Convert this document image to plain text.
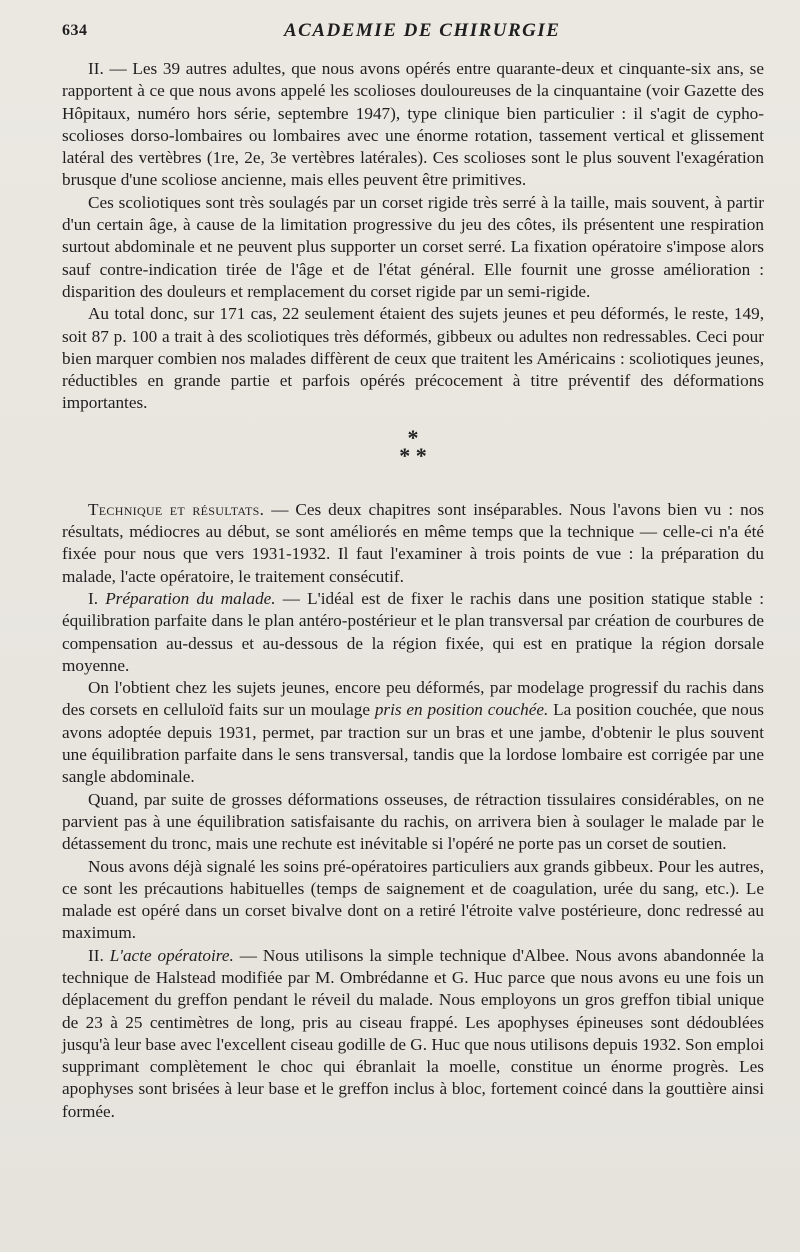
634	ACADEMIE DE CHIRURGIE

II. — Les 39 autres adultes, que nous avons opérés entre quarante-deux et cinquante-six ans, se rapportent à ce que nous avons appelé les scolioses douloureuses de la cinquantaine (voir Gazette des Hôpitaux, numéro hors série, septembre 1947), type clinique bien particulier : il s'agit de cypho-scolioses dorso-lombaires ou lombaires avec une énorme rotation, tassement vertical et glissement latéral des vertèbres (1re, 2e, 3e vertèbres latérales). Ces scolioses sont le plus souvent l'exagération brusque d'une scoliose ancienne, mais elles peuvent être primitives.

Ces scoliotiques sont très soulagés par un corset rigide très serré à la taille, mais souvent, à partir d'un certain âge, à cause de la limitation progressive du jeu des côtes, ils présentent une respiration surtout abdominale et ne peuvent plus supporter un corset serré. La fixation opératoire s'impose alors sauf contre-indication tirée de l'âge et de l'état général. Elle fournit une grosse amélioration : disparition des douleurs et remplacement du corset rigide par un semi-rigide.

Au total donc, sur 171 cas, 22 seulement étaient des sujets jeunes et peu déformés, le reste, 149, soit 87 p. 100 a trait à des scoliotiques très déformés, gibbeux ou adultes non redressables. Ceci pour bien marquer combien nos malades diffèrent de ceux que traitent les Américains : scoliotiques jeunes, réductibles en grande partie et parfois opérés précocement à titre préventif des déformations importantes.

*
* *

Technique et résultats. — Ces deux chapitres sont inséparables. Nous l'avons bien vu : nos résultats, médiocres au début, se sont améliorés en même temps que la technique — celle-ci n'a été fixée pour nous que vers 1931-1932. Il faut l'examiner à trois points de vue : la préparation du malade, l'acte opératoire, le traitement consécutif.

I. Préparation du malade. — L'idéal est de fixer le rachis dans une position statique stable : équilibration parfaite dans le plan antéro-postérieur et le plan transversal par création de courbures de compensation au-dessus et au-dessous de la région fixée, qui est en pratique la région dorsale moyenne.

On l'obtient chez les sujets jeunes, encore peu déformés, par modelage progressif du rachis dans des corsets en celluloïd faits sur un moulage pris en position couchée. La position couchée, que nous avons adoptée depuis 1931, permet, par traction sur un bras et une jambe, d'obtenir le plus souvent une équilibration parfaite dans le sens transversal, tandis que la lordose lombaire est corrigée par une sangle abdominale.

Quand, par suite de grosses déformations osseuses, de rétraction tissulaires considérables, on ne parvient pas à une équilibration satisfaisante du rachis, on arrivera bien à soulager le malade par le détassement du tronc, mais une rechute est inévitable si l'opéré ne porte pas un corset de soutien.

Nous avons déjà signalé les soins pré-opératoires particuliers aux grands gibbeux. Pour les autres, ce sont les précautions habituelles (temps de saignement et de coagulation, urée du sang, etc.). Le malade est opéré dans un corset bivalve dont on a retiré l'étroite valve postérieure, donc redressé au maximum.

II. L'acte opératoire. — Nous utilisons la simple technique d'Albee. Nous avons abandonnée la technique de Halstead modifiée par M. Ombrédanne et G. Huc parce que nous avons eu une fois un déplacement du greffon pendant le réveil du malade. Nous employons un gros greffon tibial unique de 23 à 25 centimètres de long, pris au ciseau frappé. Les apophyses épineuses sont dédoublées jusqu'à leur base avec l'excellent ciseau godille de G. Huc que nous utilisons depuis 1932. Son emploi supprimant complètement le choc qui ébranlait la moelle, constitue un énorme progrès. Les apophyses sont brisées à leur base et le greffon inclus à bloc, fortement coincé dans la gouttière ainsi formée.
